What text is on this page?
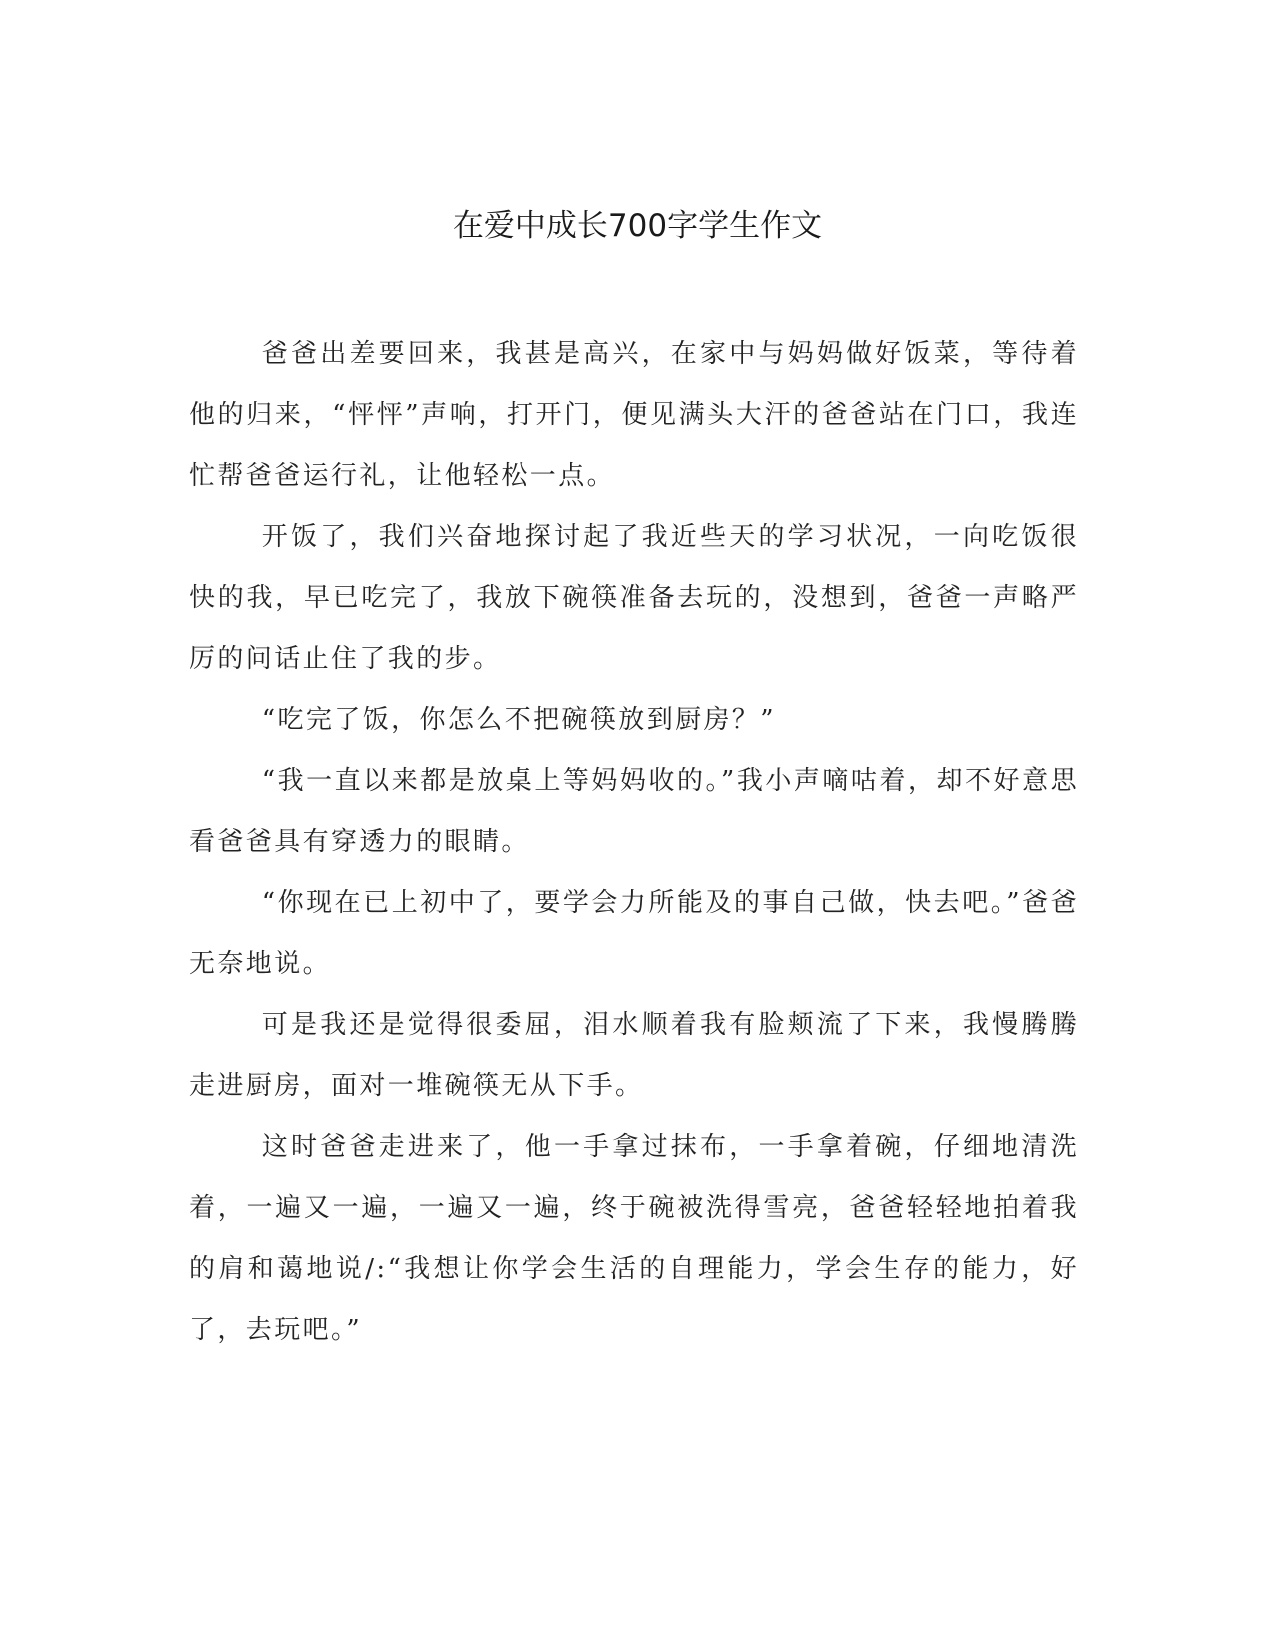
在爱中成长700字学生作文

爸爸出差要回来，我甚是高兴，在家中与妈妈做好饭菜，等待着他的归来，“怦怦”声响，打开门，便见满头大汗的爸爸站在门口，我连忙帮爸爸运行礼，让他轻松一点。

开饭了，我们兴奋地探讨起了我近些天的学习状况，一向吃饭很快的我，早已吃完了，我放下碗筷准备去玩的，没想到，爸爸一声略严厉的问话止住了我的步。

“吃完了饭，你怎么不把碗筷放到厨房？”

“我一直以来都是放桌上等妈妈收的。”我小声嘀咕着，却不好意思看爸爸具有穿透力的眼睛。

“你现在已上初中了，要学会力所能及的事自己做，快去吧。”爸爸无奈地说。

可是我还是觉得很委屈，泪水顺着我有脸颊流了下来，我慢腾腾走进厨房，面对一堆碗筷无从下手。

这时爸爸走进来了，他一手拿过抹布，一手拿着碗，仔细地清洗着，一遍又一遍，一遍又一遍，终于碗被洗得雪亮，爸爸轻轻地拍着我的肩和蔼地说/:“我想让你学会生活的自理能力，学会生存的能力，好了，去玩吧。”
